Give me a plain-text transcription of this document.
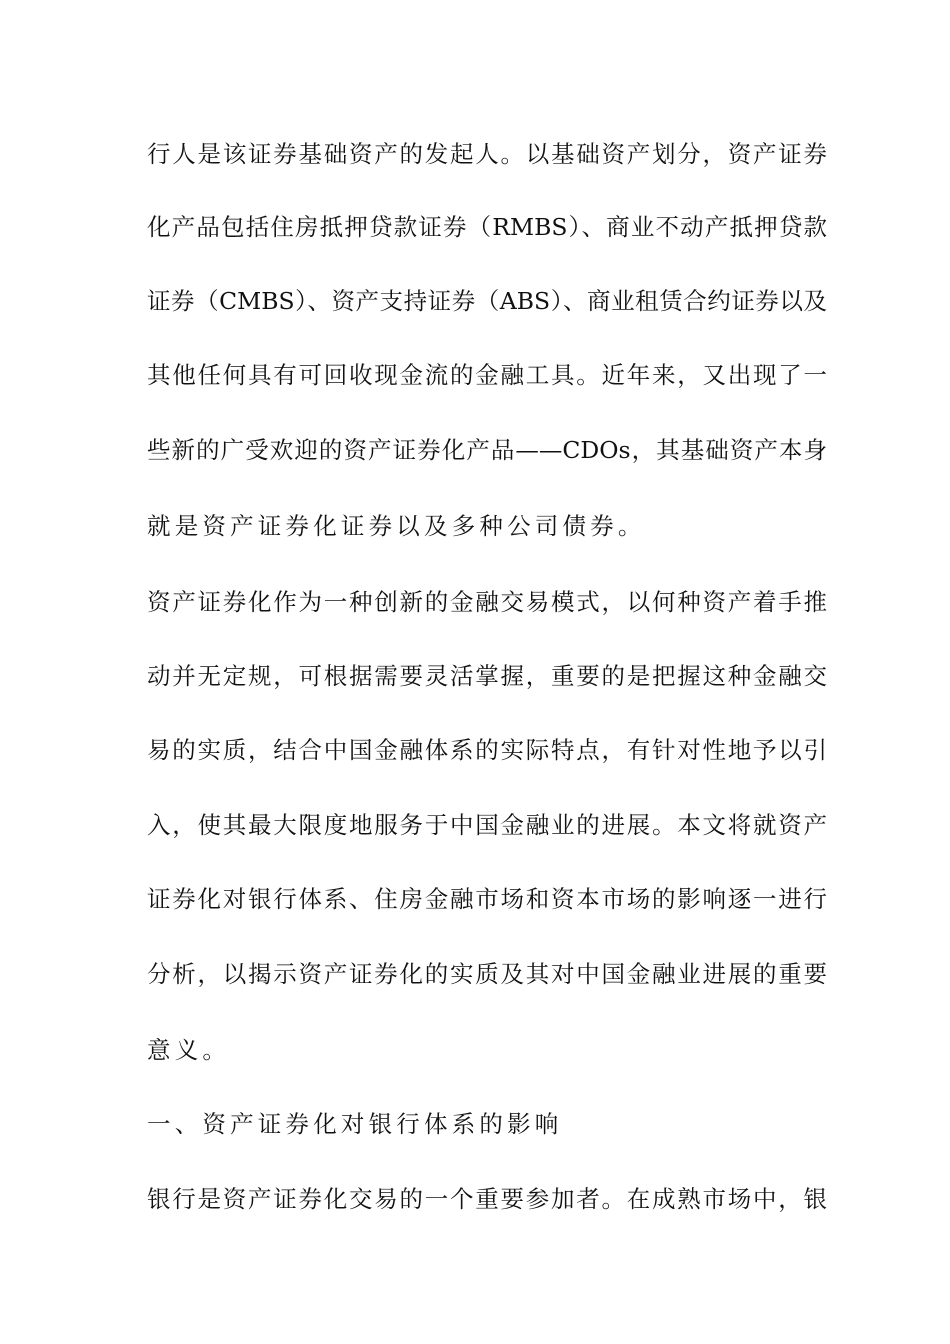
行人是该证券基础资产的发起人。以基础资产划分，资产证券

化产品包括住房抵押贷款证券（RMBS）、商业不动产抵押贷款

证券（CMBS）、资产支持证券（ABS）、商业租赁合约证券以及

其他任何具有可回收现金流的金融工具。近年来，又出现了一

些新的广受欢迎的资产证券化产品——CDOs，其基础资产本身

就是资产证券化证券以及多种公司债券。

资产证券化作为一种创新的金融交易模式，以何种资产着手推

动并无定规，可根据需要灵活掌握，重要的是把握这种金融交

易的实质，结合中国金融体系的实际特点，有针对性地予以引

入，使其最大限度地服务于中国金融业的进展。本文将就资产

证券化对银行体系、住房金融市场和资本市场的影响逐一进行

分析，以揭示资产证券化的实质及其对中国金融业进展的重要

意义。

一、资产证券化对银行体系的影响

银行是资产证券化交易的一个重要参加者。在成熟市场中，银
